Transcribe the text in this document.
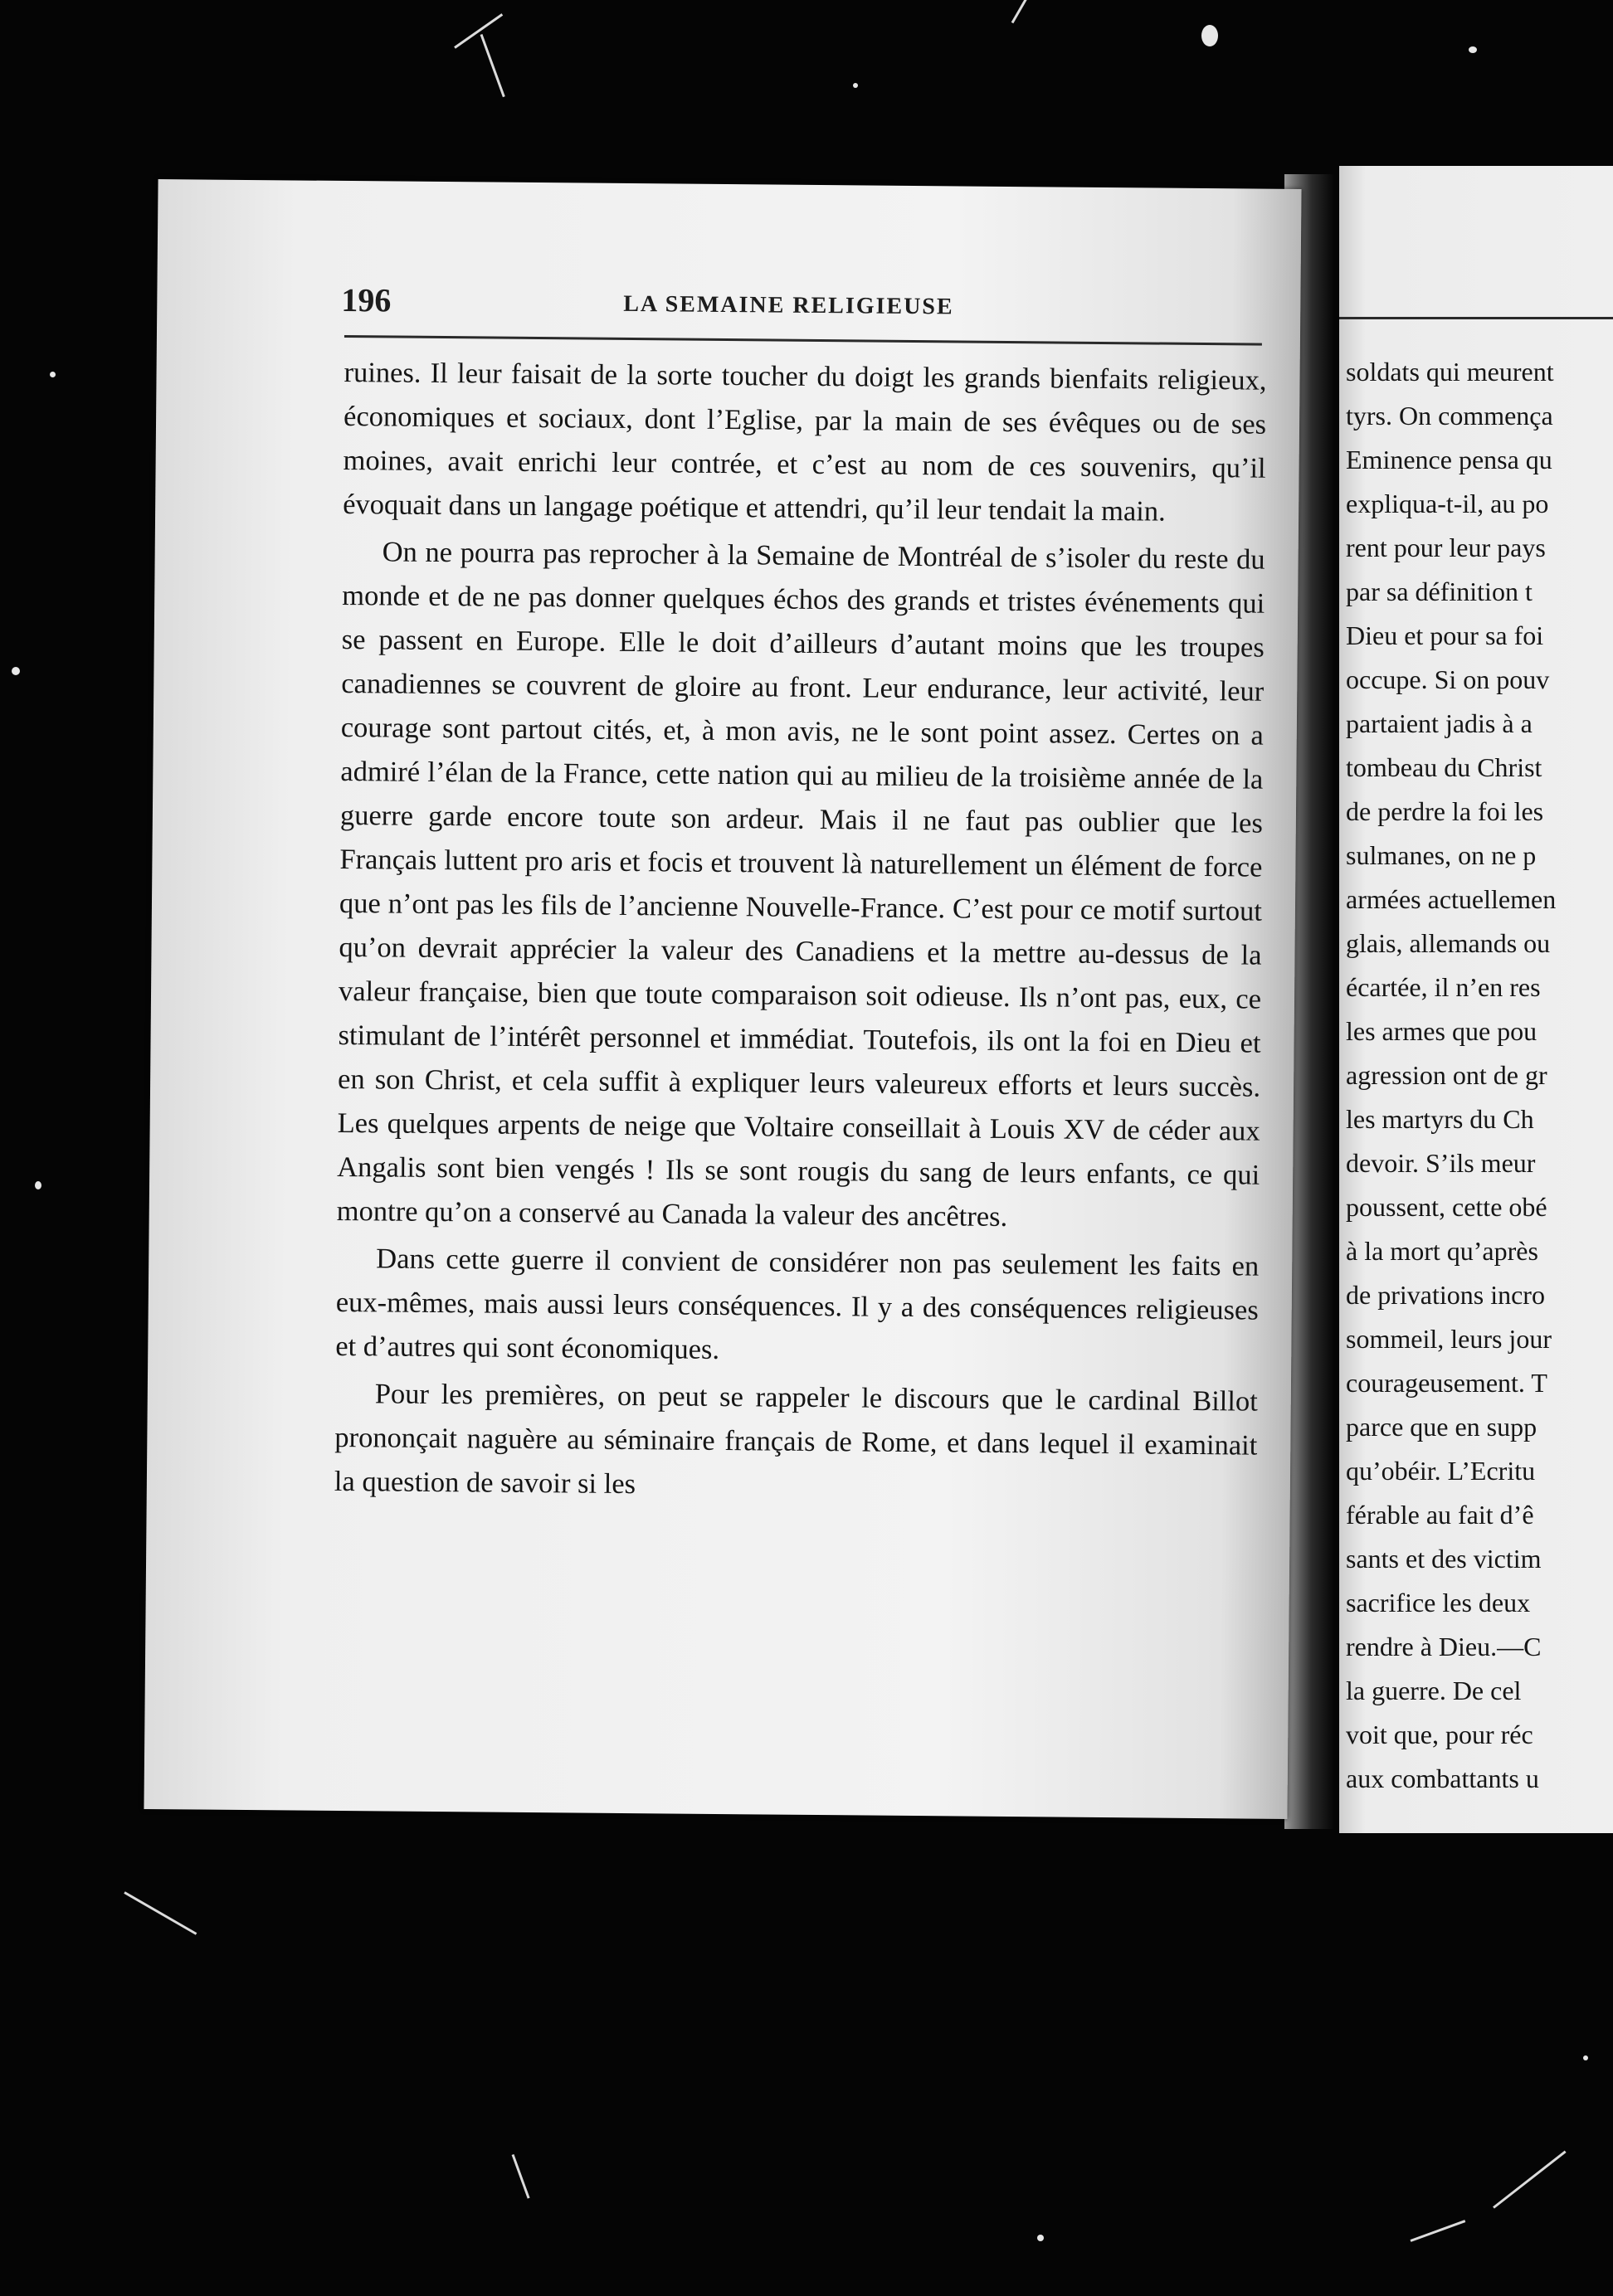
196	LA SEMAINE RELIGIEUSE

ruines. Il leur faisait de la sorte toucher du doigt les grands bienfaits religieux, économiques et sociaux, dont l’Eglise, par la main de ses évêques ou de ses moines, avait enrichi leur contrée, et c’est au nom de ces souvenirs, qu’il évoquait dans un langage poétique et attendri, qu’il leur tendait la main.

On ne pourra pas reprocher à la Semaine de Montréal de s’isoler du reste du monde et de ne pas donner quelques échos des grands et tristes événements qui se passent en Europe. Elle le doit d’ailleurs d’autant moins que les troupes canadiennes se couvrent de gloire au front. Leur endurance, leur activité, leur courage sont partout cités, et, à mon avis, ne le sont point assez. Certes on a admiré l’élan de la France, cette nation qui au milieu de la troisième année de la guerre garde encore toute son ardeur. Mais il ne faut pas oublier que les Français luttent pro aris et focis et trouvent là naturellement un élément de force que n’ont pas les fils de l’ancienne Nouvelle-France. C’est pour ce motif surtout qu’on devrait apprécier la valeur des Canadiens et la mettre au-dessus de la valeur française, bien que toute comparaison soit odieuse. Ils n’ont pas, eux, ce stimulant de l’intérêt personnel et immédiat. Toutefois, ils ont la foi en Dieu et en son Christ, et cela suffit à expliquer leurs valeureux efforts et leurs succès. Les quelques arpents de neige que Voltaire conseillait à Louis XV de céder aux Angalis sont bien vengés ! Ils se sont rougis du sang de leurs enfants, ce qui montre qu’on a conservé au Canada la valeur des ancêtres.

Dans cette guerre il convient de considérer non pas seulement les faits en eux-mêmes, mais aussi leurs conséquences. Il y a des conséquences religieuses et d’autres qui sont économiques.

Pour les premières, on peut se rappeler le discours que le cardinal Billot prononçait naguère au séminaire français de Rome, et dans lequel il examinait la question de savoir si les

soldats qui meurent
tyrs. On commença
Eminence pensa qu
expliqua-t-il, au po
rent pour leur pays
par sa définition t
Dieu et pour sa foi
occupe. Si on pouv
partaient jadis à a
tombeau du Christ
de perdre la foi les
sulmanes, on ne p
armées actuellemen
glais, allemands ou
écartée, il n’en res
les armes que pou
agression ont de gr
les martyrs du Ch
devoir. S’ils meur
poussent, cette obé
à la mort qu’après
de privations incro
sommeil, leurs jour
courageusement. T
parce que en supp
qu’obéir. L’Ecritu
férable au fait d’ê
sants et des victim
sacrifice les deux
rendre à Dieu.—C
la guerre. De cel
voit que, pour réc
aux combattants u
